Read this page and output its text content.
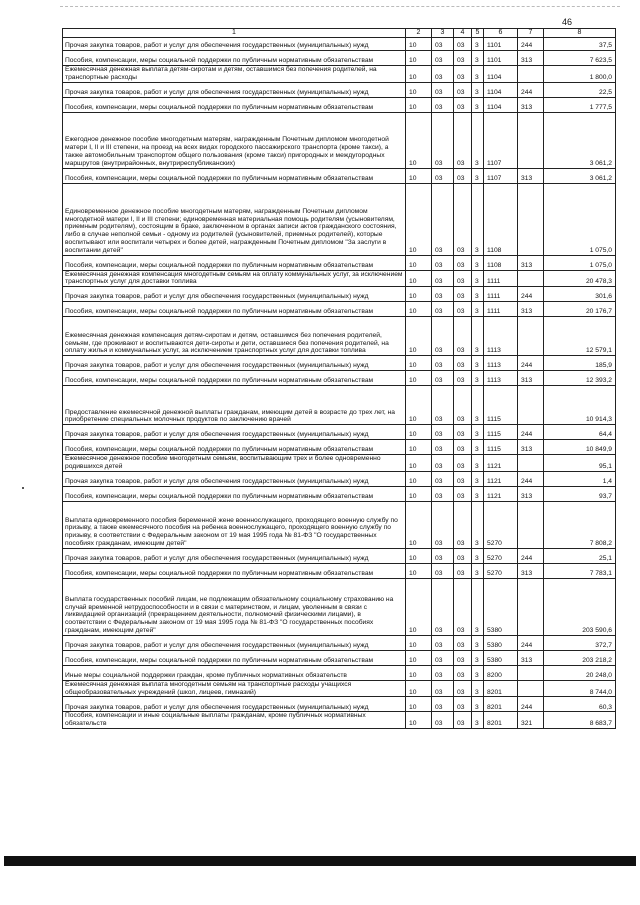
46
1	2	3	4	5	6	7	8
Прочая закупка товаров, работ и услуг для обеспечения государственных (муниципальных) нужд	10	03	03	3	1101	244	37,5
Пособия, компенсации, меры социальной поддержки по публичным нормативным обязательствам	10	03	03	3	1101	313	7 623,5
Ежемесячная денежная выплата детям-сиротам и детям, оставшимся без попечения родителей, на транспортные расходы	10	03	03	3	1104		1 800,0
Прочая закупка товаров, работ и услуг для обеспечения государственных (муниципальных) нужд	10	03	03	3	1104	244	22,5
Пособия, компенсации, меры социальной поддержки по публичным нормативным обязательствам	10	03	03	3	1104	313	1 777,5
Ежегодное денежное пособие многодетным матерям, награжденным Почетным дипломом многодетной матери I, II и III степени, на проезд на всех видах городского пассажирского транспорта (кроме такси), а также автомобильным транспортом общего пользования (кроме такси) пригородных и междугородных маршрутов (внутрирайонных, внутриреспубликанских)	10	03	03	3	1107		3 061,2
Пособия, компенсации, меры социальной поддержки по публичным нормативным обязательствам	10	03	03	3	1107	313	3 061,2
Единовременное денежное пособие многодетным матерям, награжденным Почетным дипломом многодетной матери I, II и III степени; единовременная материальная помощь родителям (усыновителям, приемным родителям), состоящим в браке, заключенном в органах записи актов гражданского состояния, либо в случае неполной семьи - одному из родителей (усыновителей, приемных родителей), которые воспитывают или воспитали четырех и более детей, награжденным Почетным дипломом "За заслуги в воспитании детей"	10	03	03	3	1108		1 075,0
Пособия, компенсации, меры социальной поддержки по публичным нормативным обязательствам	10	03	03	3	1108	313	1 075,0
Ежемесячная денежная компенсация многодетным семьям на оплату коммунальных услуг, за исключением транспортных услуг для доставки топлива	10	03	03	3	1111		20 478,3
Прочая закупка товаров, работ и услуг для обеспечения государственных (муниципальных) нужд	10	03	03	3	1111	244	301,6
Пособия, компенсации, меры социальной поддержки по публичным нормативным обязательствам	10	03	03	3	1111	313	20 176,7
Ежемесячная денежная компенсация детям-сиротам и детям, оставшимся без попечения родителей, семьям, где проживают и воспитываются дети-сироты и дети, оставшиеся без попечения родителей, на оплату жилья и коммунальных услуг, за исключением транспортных услуг для доставки топлива	10	03	03	3	1113		12 579,1
Прочая закупка товаров, работ и услуг для обеспечения государственных (муниципальных) нужд	10	03	03	3	1113	244	185,9
Пособия, компенсации, меры социальной поддержки по публичным нормативным обязательствам	10	03	03	3	1113	313	12 393,2
Предоставление ежемесячной денежной выплаты гражданам, имеющим детей в возрасте до трех лет, на приобретение специальных молочных продуктов по заключению врачей	10	03	03	3	1115		10 914,3
Прочая закупка товаров, работ и услуг для обеспечения государственных (муниципальных) нужд	10	03	03	3	1115	244	64,4
Пособия, компенсации, меры социальной поддержки по публичным нормативным обязательствам	10	03	03	3	1115	313	10 849,9
Ежемесячное денежное пособие многодетным семьям, воспитывающим трех и более одновременно родившихся детей	10	03	03	3	1121		95,1
Прочая закупка товаров, работ и услуг для обеспечения государственных (муниципальных) нужд	10	03	03	3	1121	244	1,4
Пособия, компенсации, меры социальной поддержки по публичным нормативным обязательствам	10	03	03	3	1121	313	93,7
Выплата единовременного пособия беременной жене военнослужащего, проходящего военную службу по призыву, а также ежемесячного пособия на ребенка военнослужащего, проходящего военную службу по призыву, в соответствии с Федеральным законом от 19 мая 1995 года № 81-ФЗ "О государственных пособиях гражданам, имеющим детей"	10	03	03	3	5270		7 808,2
Прочая закупка товаров, работ и услуг для обеспечения государственных (муниципальных) нужд	10	03	03	3	5270	244	25,1
Пособия, компенсации, меры социальной поддержки по публичным нормативным обязательствам	10	03	03	3	5270	313	7 783,1
Выплата государственных пособий лицам, не подлежащим обязательному социальному страхованию на случай временной нетрудоспособности и в связи с материнством, и лицам, уволенным в связи с ликвидацией организаций (прекращением деятельности, полномочий физическими лицами), в соответствии с Федеральным законом от 19 мая 1995 года № 81-ФЗ "О государственных пособиях гражданам, имеющим детей"	10	03	03	3	5380		203 590,6
Прочая закупка товаров, работ и услуг для обеспечения государственных (муниципальных) нужд	10	03	03	3	5380	244	372,7
Пособия, компенсации, меры социальной поддержки по публичным нормативным обязательствам	10	03	03	3	5380	313	203 218,2
Иные меры социальной поддержки граждан, кроме публичных нормативных обязательств	10	03	03	3	8200		20 248,0
Ежемесячная денежная выплата многодетным семьям на транспортные расходы учащихся общеобразовательных учреждений (школ, лицеев, гимназий)	10	03	03	3	8201		8 744,0
Прочая закупка товаров, работ и услуг для обеспечения государственных (муниципальных) нужд	10	03	03	3	8201	244	60,3
Пособия, компенсации и иные социальные выплаты гражданам, кроме публичных нормативных обязательств	10	03	03	3	8201	321	8 683,7
